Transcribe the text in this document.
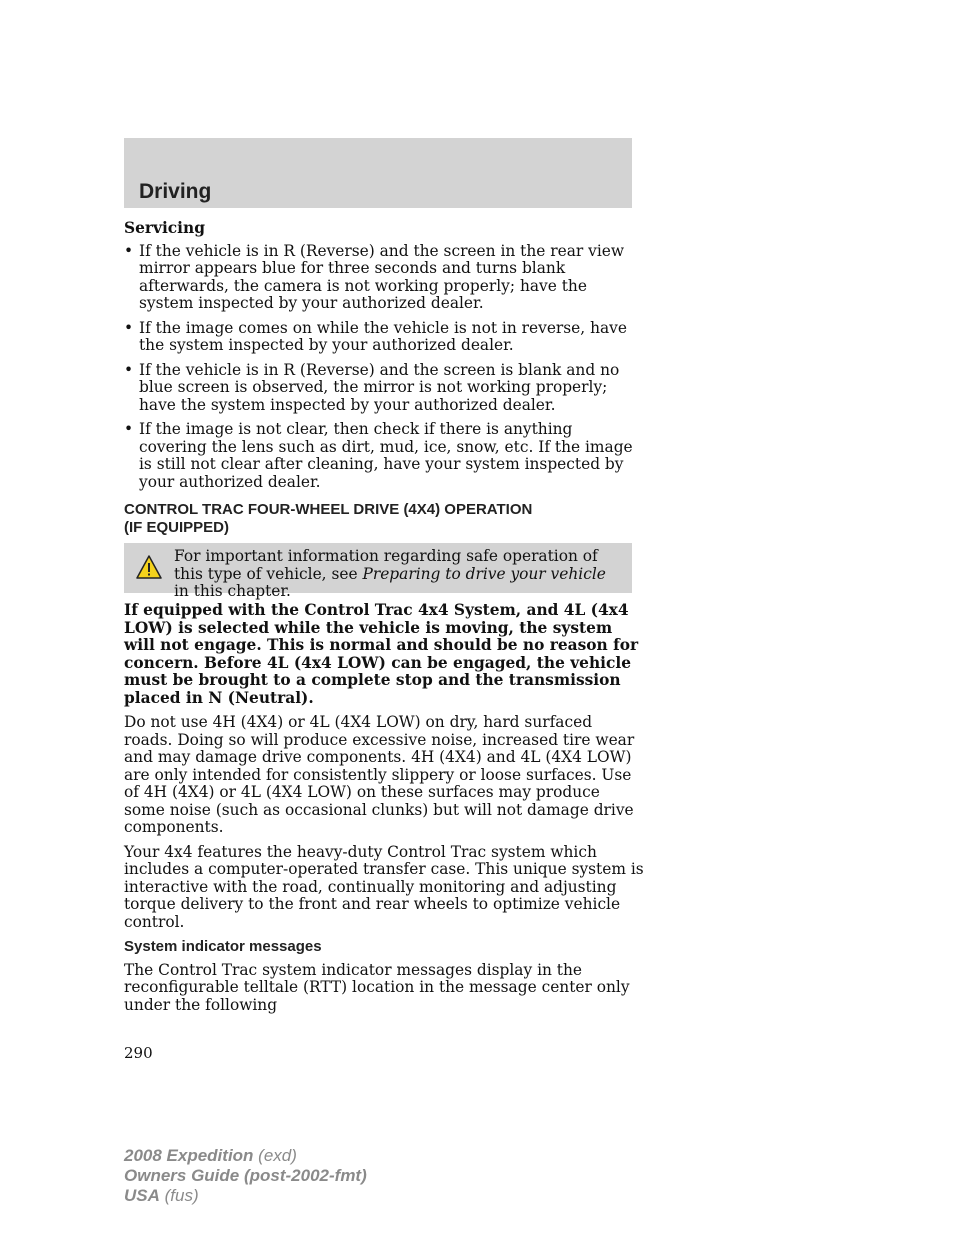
Driving

Servicing

• If the vehicle is in R (Reverse) and the screen in the rear view mirror appears blue for three seconds and turns blank afterwards, the camera is not working properly; have the system inspected by your authorized dealer.

• If the image comes on while the vehicle is not in reverse, have the system inspected by your authorized dealer.

• If the vehicle is in R (Reverse) and the screen is blank and no blue screen is observed, the mirror is not working properly; have the system inspected by your authorized dealer.

• If the image is not clear, then check if there is anything covering the lens such as dirt, mud, ice, snow, etc. If the image is still not clear after cleaning, have your system inspected by your authorized dealer.

CONTROL TRAC FOUR-WHEEL DRIVE (4X4) OPERATION
(IF EQUIPPED)

For important information regarding safe operation of this type of vehicle, see Preparing to drive your vehicle in this chapter.

If equipped with the Control Trac 4x4 System, and 4L (4x4 LOW) is selected while the vehicle is moving, the system will not engage. This is normal and should be no reason for concern. Before 4L (4x4 LOW) can be engaged, the vehicle must be brought to a complete stop and the transmission placed in N (Neutral).

Do not use 4H (4X4) or 4L (4X4 LOW) on dry, hard surfaced roads. Doing so will produce excessive noise, increased tire wear and may damage drive components. 4H (4X4) and 4L (4X4 LOW) are only intended for consistently slippery or loose surfaces. Use of 4H (4X4) or 4L (4X4 LOW) on these surfaces may produce some noise (such as occasional clunks) but will not damage drive components.

Your 4x4 features the heavy-duty Control Trac system which includes a computer-operated transfer case. This unique system is interactive with the road, continually monitoring and adjusting torque delivery to the front and rear wheels to optimize vehicle control.

System indicator messages

The Control Trac system indicator messages display in the reconfigurable telltale (RTT) location in the message center only under the following

290
2008 Expedition (exd)
Owners Guide (post-2002-fmt)
USA (fus)
